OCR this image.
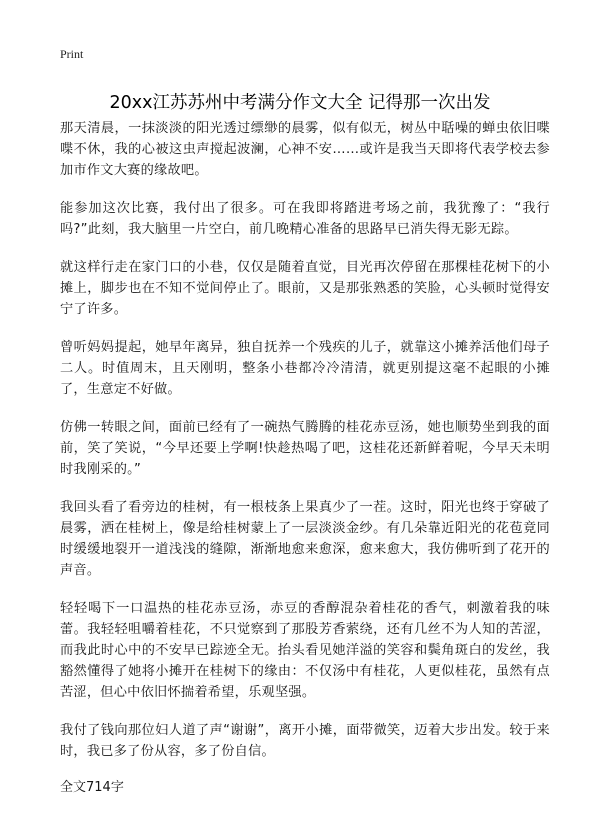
Print
20xx江苏苏州中考满分作文大全 记得那一次出发

那天清晨，一抹淡淡的阳光透过缥缈的晨雾，似有似无，树丛中聒噪的蝉虫依旧喋喋不休，我的心被这虫声搅起波澜，心神不安……或许是我当天即将代表学校去参加市作文大赛的缘故吧。

能参加这次比赛，我付出了很多。可在我即将踏进考场之前，我犹豫了：“我行吗?”此刻，我大脑里一片空白，前几晚精心准备的思路早已消失得无影无踪。

就这样行走在家门口的小巷，仅仅是随着直觉，目光再次停留在那棵桂花树下的小摊上，脚步也在不知不觉间停止了。眼前，又是那张熟悉的笑脸，心头顿时觉得安宁了许多。

曾听妈妈提起，她早年离异，独自抚养一个残疾的儿子，就靠这小摊养活他们母子二人。时值周末，且天刚明，整条小巷都冷冷清清，就更别提这毫不起眼的小摊了，生意定不好做。

仿佛一转眼之间，面前已经有了一碗热气腾腾的桂花赤豆汤，她也顺势坐到我的面前，笑了笑说，“今早还要上学啊!快趁热喝了吧，这桂花还新鲜着呢，今早天未明时我刚采的。”

我回头看了看旁边的桂树，有一根枝条上果真少了一茬。这时，阳光也终于穿破了晨雾，洒在桂树上，像是给桂树蒙上了一层淡淡金纱。有几朵靠近阳光的花苞竟同时缓缓地裂开一道浅浅的缝隙，渐渐地愈来愈深，愈来愈大，我仿佛听到了花开的声音。

轻轻喝下一口温热的桂花赤豆汤，赤豆的香醇混杂着桂花的香气，刺激着我的味蕾。我轻轻咀嚼着桂花，不只觉察到了那股芳香萦绕，还有几丝不为人知的苦涩，而我此时心中的不安早已踪迹全无。抬头看见她洋溢的笑容和鬓角斑白的发丝，我豁然懂得了她将小摊开在桂树下的缘由：不仅汤中有桂花，人更似桂花，虽然有点苦涩，但心中依旧怀揣着希望，乐观坚强。

我付了钱向那位妇人道了声“谢谢”，离开小摊，面带微笑，迈着大步出发。较于来时，我已多了份从容，多了份自信。

全文714字
